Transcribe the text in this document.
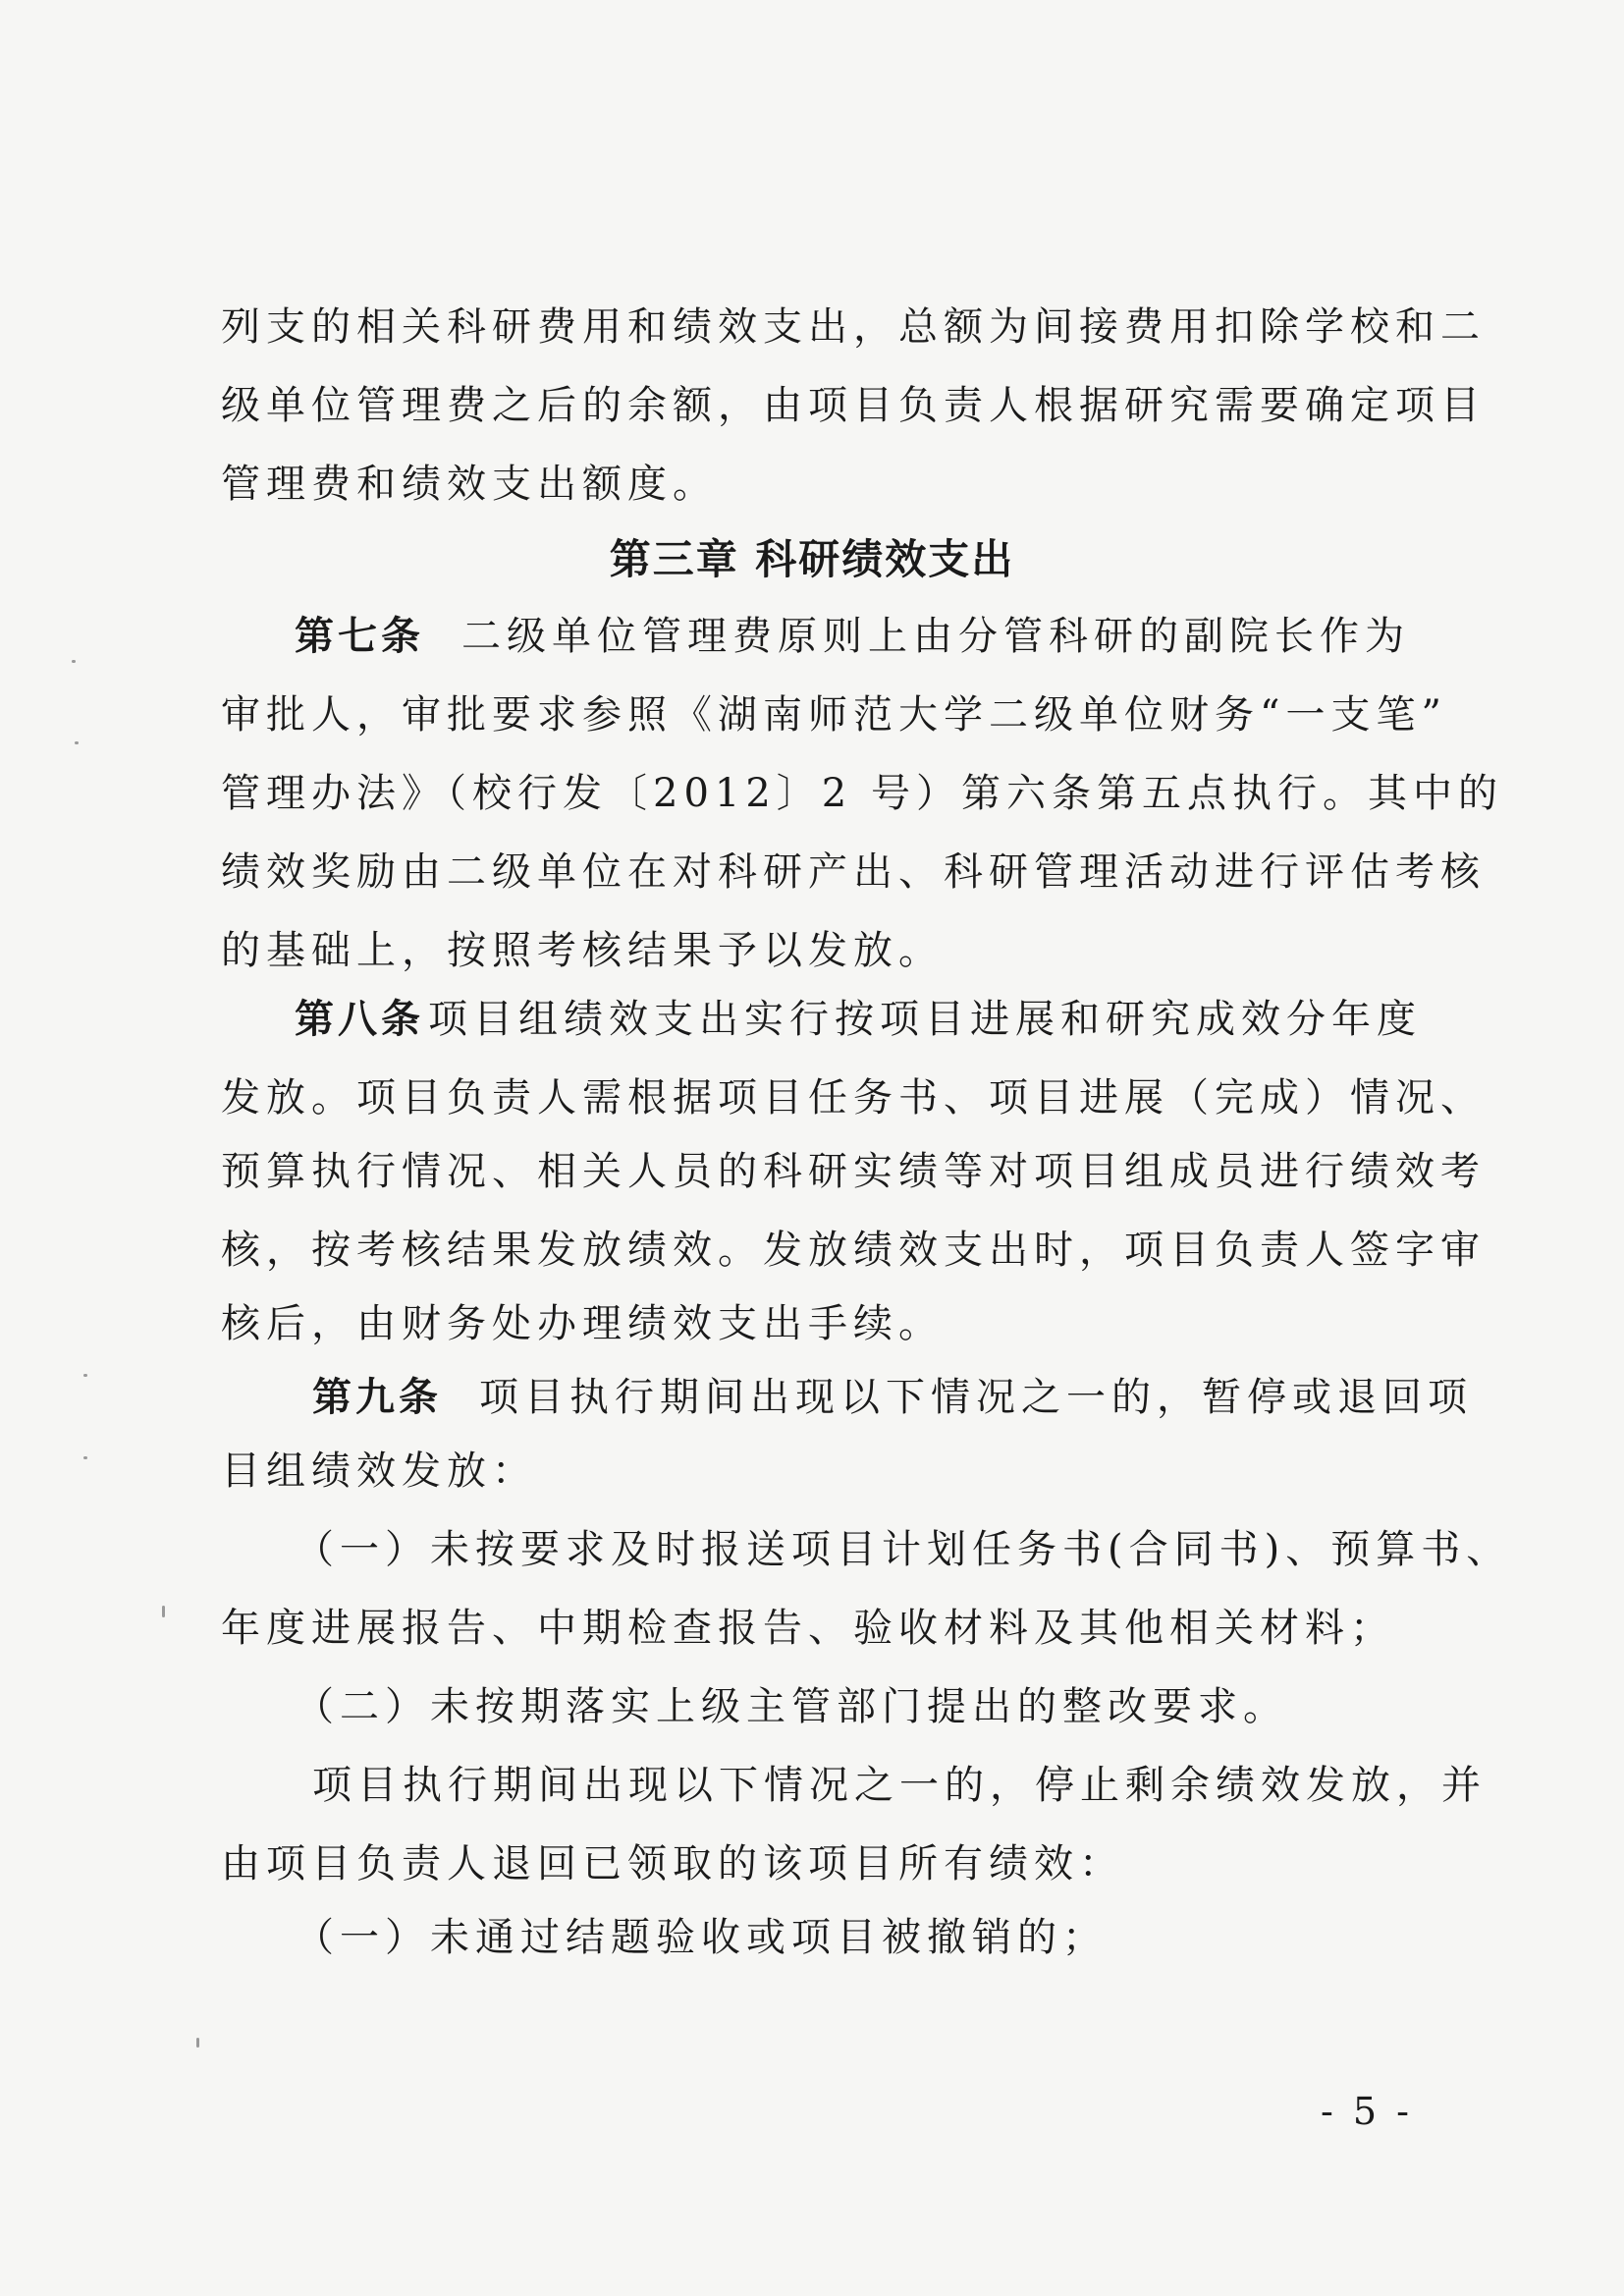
列支的相关科研费用和绩效支出，总额为间接费用扣除学校和二
级单位管理费之后的余额，由项目负责人根据研究需要确定项目
管理费和绩效支出额度。
第三章 科研绩效支出
第七条 二级单位管理费原则上由分管科研的副院长作为
审批人，审批要求参照《湖南师范大学二级单位财务“一支笔”
管理办法》（校行发〔2012〕2 号）第六条第五点执行。其中的
绩效奖励由二级单位在对科研产出、科研管理活动进行评估考核
的基础上，按照考核结果予以发放。
第八条 项目组绩效支出实行按项目进展和研究成效分年度
发放。项目负责人需根据项目任务书、项目进展（完成）情况、
预算执行情况、相关人员的科研实绩等对项目组成员进行绩效考
核，按考核结果发放绩效。发放绩效支出时，项目负责人签字审
核后，由财务处办理绩效支出手续。
第九条 项目执行期间出现以下情况之一的，暂停或退回项
目组绩效发放：
（一）未按要求及时报送项目计划任务书(合同书)、预算书、
年度进展报告、中期检查报告、验收材料及其他相关材料；
（二）未按期落实上级主管部门提出的整改要求。
项目执行期间出现以下情况之一的，停止剩余绩效发放，并
由项目负责人退回已领取的该项目所有绩效：
（一）未通过结题验收或项目被撤销的；
- 5 -
